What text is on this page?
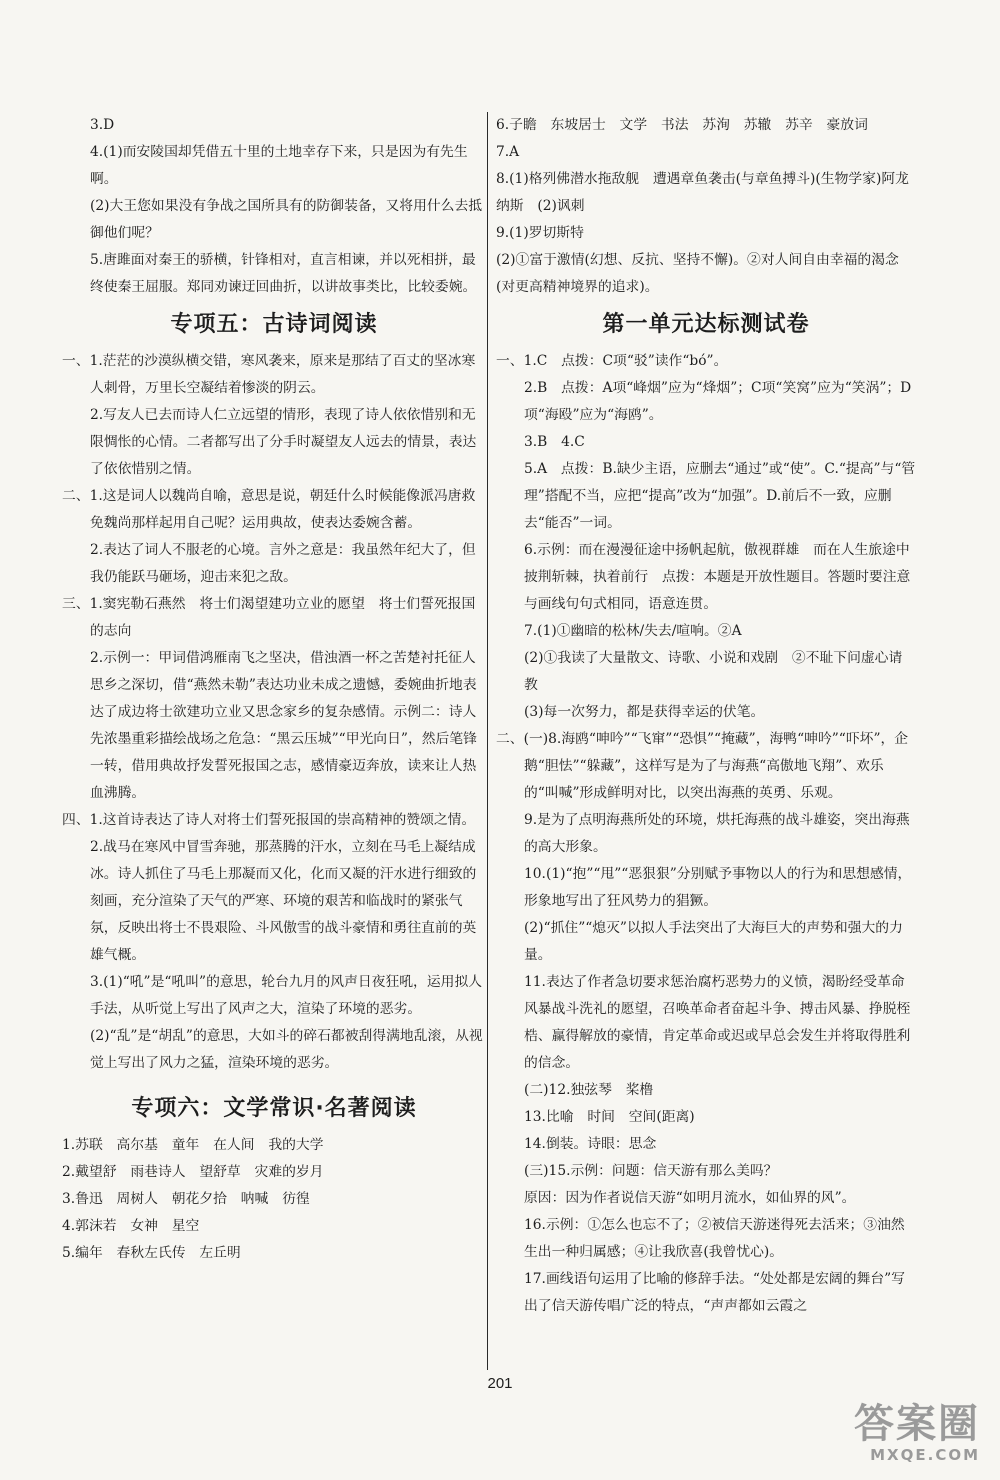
3.D

4.(1)而安陵国却凭借五十里的土地幸存下来，只是因为有先生啊。

(2)大王您如果没有争战之国所具有的防御装备，又将用什么去抵御他们呢？

5.唐雎面对秦王的骄横，针锋相对，直言相谏，并以死相拼，最终使秦王屈服。郑同劝谏迂回曲折，以讲故事类比，比较委婉。

专项五：古诗词阅读

一、1.茫茫的沙漠纵横交错，寒风袭来，原来是那结了百丈的坚冰寒人刺骨，万里长空凝结着惨淡的阴云。

2.写友人已去而诗人仁立远望的情形，表现了诗人依依惜别和无限惆怅的心情。二者都写出了分手时凝望友人远去的情景，表达了依依惜别之情。

二、1.这是词人以魏尚自喻，意思是说，朝廷什么时候能像派冯唐救免魏尚那样起用自己呢？运用典故，使表达委婉含蓄。

2.表达了词人不服老的心境。言外之意是：我虽然年纪大了，但我仍能跃马砸场，迎击来犯之敌。

三、1.窦宪勒石燕然　将士们渴望建功立业的愿望　将士们誓死报国的志向

2.示例一：甲词借鸿雁南飞之坚决，借浊酒一杯之苦楚衬托征人思乡之深切，借“燕然未勒”表达功业未成之遗憾，委婉曲折地表达了成边将士欲建功立业又思念家乡的复杂感情。示例二：诗人先浓墨重彩描绘战场之危急：“黑云压城”“甲光向日”，然后笔锋一转，借用典故抒发誓死报国之志，感情豪迈奔放，读来让人热血沸腾。

四、1.这首诗表达了诗人对将士们誓死报国的崇高精神的赞颂之情。

2.战马在寒风中冒雪奔驰，那蒸腾的汗水，立刻在马毛上凝结成冰。诗人抓住了马毛上那凝而又化，化而又凝的汗水进行细致的刻画，充分渲染了天气的严寒、环境的艰苦和临战时的紧张气氛，反映出将士不畏艰险、斗风傲雪的战斗豪情和勇往直前的英雄气概。

3.(1)“吼”是“吼叫”的意思，轮台九月的风声日夜狂吼，运用拟人手法，从听觉上写出了风声之大，渲染了环境的恶劣。

(2)“乱”是“胡乱”的意思，大如斗的碎石都被刮得满地乱滚，从视觉上写出了风力之猛，渲染环境的恶劣。

专项六：文学常识·名著阅读

1.苏联　高尔基　童年　在人间　我的大学

2.戴望舒　雨巷诗人　望舒草　灾难的岁月

3.鲁迅　周树人　朝花夕拾　呐喊　彷徨

4.郭沫若　女神　星空

5.编年　春秋左氏传　左丘明

6.子瞻　东坡居士　文学　书法　苏洵　苏辙　苏辛　豪放词

7.A

8.(1)格列佛潜水拖敌舰　遭遇章鱼袭击(与章鱼搏斗)(生物学家)阿龙纳斯　(2)讽刺

9.(1)罗切斯特

(2)①富于激情(幻想、反抗、坚持不懈)。②对人间自由幸福的渴念(对更高精神境界的追求)。

第一单元达标测试卷

一、1.C　点拨：C项“驳”读作“bó”。

2.B　点拨：A项“峰烟”应为“烽烟”；C项“笑窝”应为“笑涡”；D项“海殴”应为“海鸥”。

3.B　4.C

5.A　点拨：B.缺少主语，应删去“通过”或“使”。C.“提高”与“管理”搭配不当，应把“提高”改为“加强”。D.前后不一致，应删去“能否”一词。

6.示例：而在漫漫征途中扬帆起航，傲视群雄　而在人生旅途中披荆斩棘，执着前行　点拨：本题是开放性题目。答题时要注意与画线句句式相同，语意连贯。

7.(1)①幽暗的松林/失去/喧响。②A

(2)①我读了大量散文、诗歌、小说和戏剧　②不耻下问虚心请教

(3)每一次努力，都是获得幸运的伏笔。

二、(一)8.海鸥“呻吟”“飞窜”“恐惧”“掩藏”，海鸭“呻吟”“吓坏”，企鹅“胆怯”“躲藏”，这样写是为了与海燕“高傲地飞翔”、欢乐的“叫喊”形成鲜明对比，以突出海燕的英勇、乐观。

9.是为了点明海燕所处的环境，烘托海燕的战斗雄姿，突出海燕的高大形象。

10.(1)“抱”“甩”“恶狠狠”分别赋予事物以人的行为和思想感情，形象地写出了狂风势力的猖獗。

(2)“抓住”“熄灭”以拟人手法突出了大海巨大的声势和强大的力量。

11.表达了作者急切要求惩治腐朽恶势力的义愤，渴盼经受革命风暴战斗洗礼的愿望，召唤革命者奋起斗争、搏击风暴、挣脱桎梏、赢得解放的豪情，肯定革命或迟或早总会发生并将取得胜利的信念。

(二)12.独弦琴　桨橹

13.比喻　时间　空间(距离)

14.倒装。诗眼：思念

(三)15.示例：问题：信天游有那么美吗？

原因：因为作者说信天游“如明月流水，如仙界的风”。

16.示例：①怎么也忘不了；②被信天游迷得死去活来；③油然生出一种归属感；④让我欣喜(我曾忧心)。

17.画线语句运用了比喻的修辞手法。“处处都是宏阔的舞台”写出了信天游传唱广泛的特点，“声声都如云霞之

201
答案圈
MXQE.COM
